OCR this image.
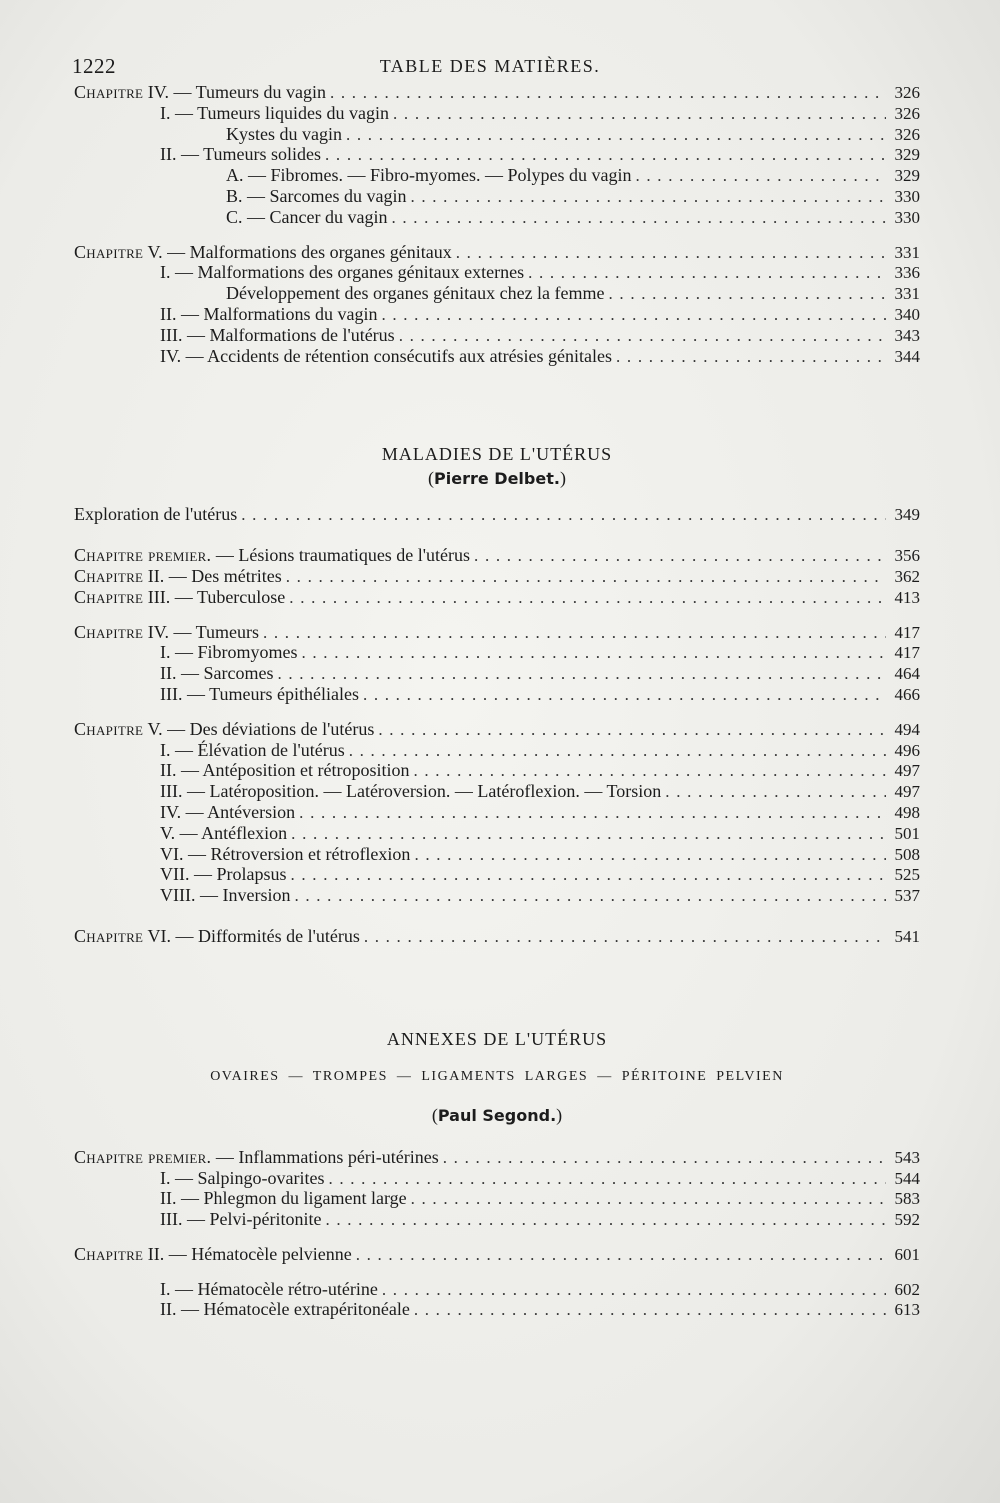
1222	TABLE DES MATIÈRES.
Chapitre IV. — Tumeurs du vagin . . .	326
I. — Tumeurs liquides du vagin . . .	326
Kystes du vagin . . .	326
II. — Tumeurs solides . . .	329
A. — Fibromes. — Fibro-myomes. — Polypes du vagin . . .	329
B. — Sarcomes du vagin . . .	330
C. — Cancer du vagin . . .	330
Chapitre V. — Malformations des organes génitaux . . .	331
I. — Malformations des organes génitaux externes . . .	336
Développement des organes génitaux chez la femme . . .	331
II. — Malformations du vagin . . .	340
III. — Malformations de l'utérus . . .	343
IV. — Accidents de rétention consécutifs aux atrésies génitales . . .	344
MALADIES DE L'UTÉRUS
(Pierre Delbet.)
Exploration de l'utérus . . .	349
Chapitre premier. — Lésions traumatiques de l'utérus . . .	356
Chapitre II. — Des métrites . . .	362
Chapitre III. — Tuberculose . . .	413
Chapitre IV. — Tumeurs . . .	417
I. — Fibromyomes . . .	417
II. — Sarcomes . . .	464
III. — Tumeurs épithéliales . . .	466
Chapitre V. — Des déviations de l'utérus . . .	494
I. — Élévation de l'utérus . . .	496
II. — Antéposition et rétroposition . . .	497
III. — Latéroposition. — Latéroversion. — Latéroflexion. — Torsion . . .	497
IV. — Antéversion . . .	498
V. — Antéflexion . . .	501
VI. — Rétroversion et rétroflexion . . .	508
VII. — Prolapsus . . .	525
VIII. — Inversion . . .	537
Chapitre VI. — Difformités de l'utérus . . .	541
ANNEXES DE L'UTÉRUS
OVAIRES — TROMPES — LIGAMENTS LARGES — PÉRITOINE PELVIEN
(Paul Segond.)
Chapitre premier. — Inflammations péri-utérines . . .	543
I. — Salpingo-ovarites . . .	544
II. — Phlegmon du ligament large . . .	583
III. — Pelvi-péritonite . . .	592
Chapitre II. — Hématocèle pelvienne . . .	601
I. — Hématocèle rétro-utérine . . .	602
II. — Hématocèle extrapéritonéale . . .	613
